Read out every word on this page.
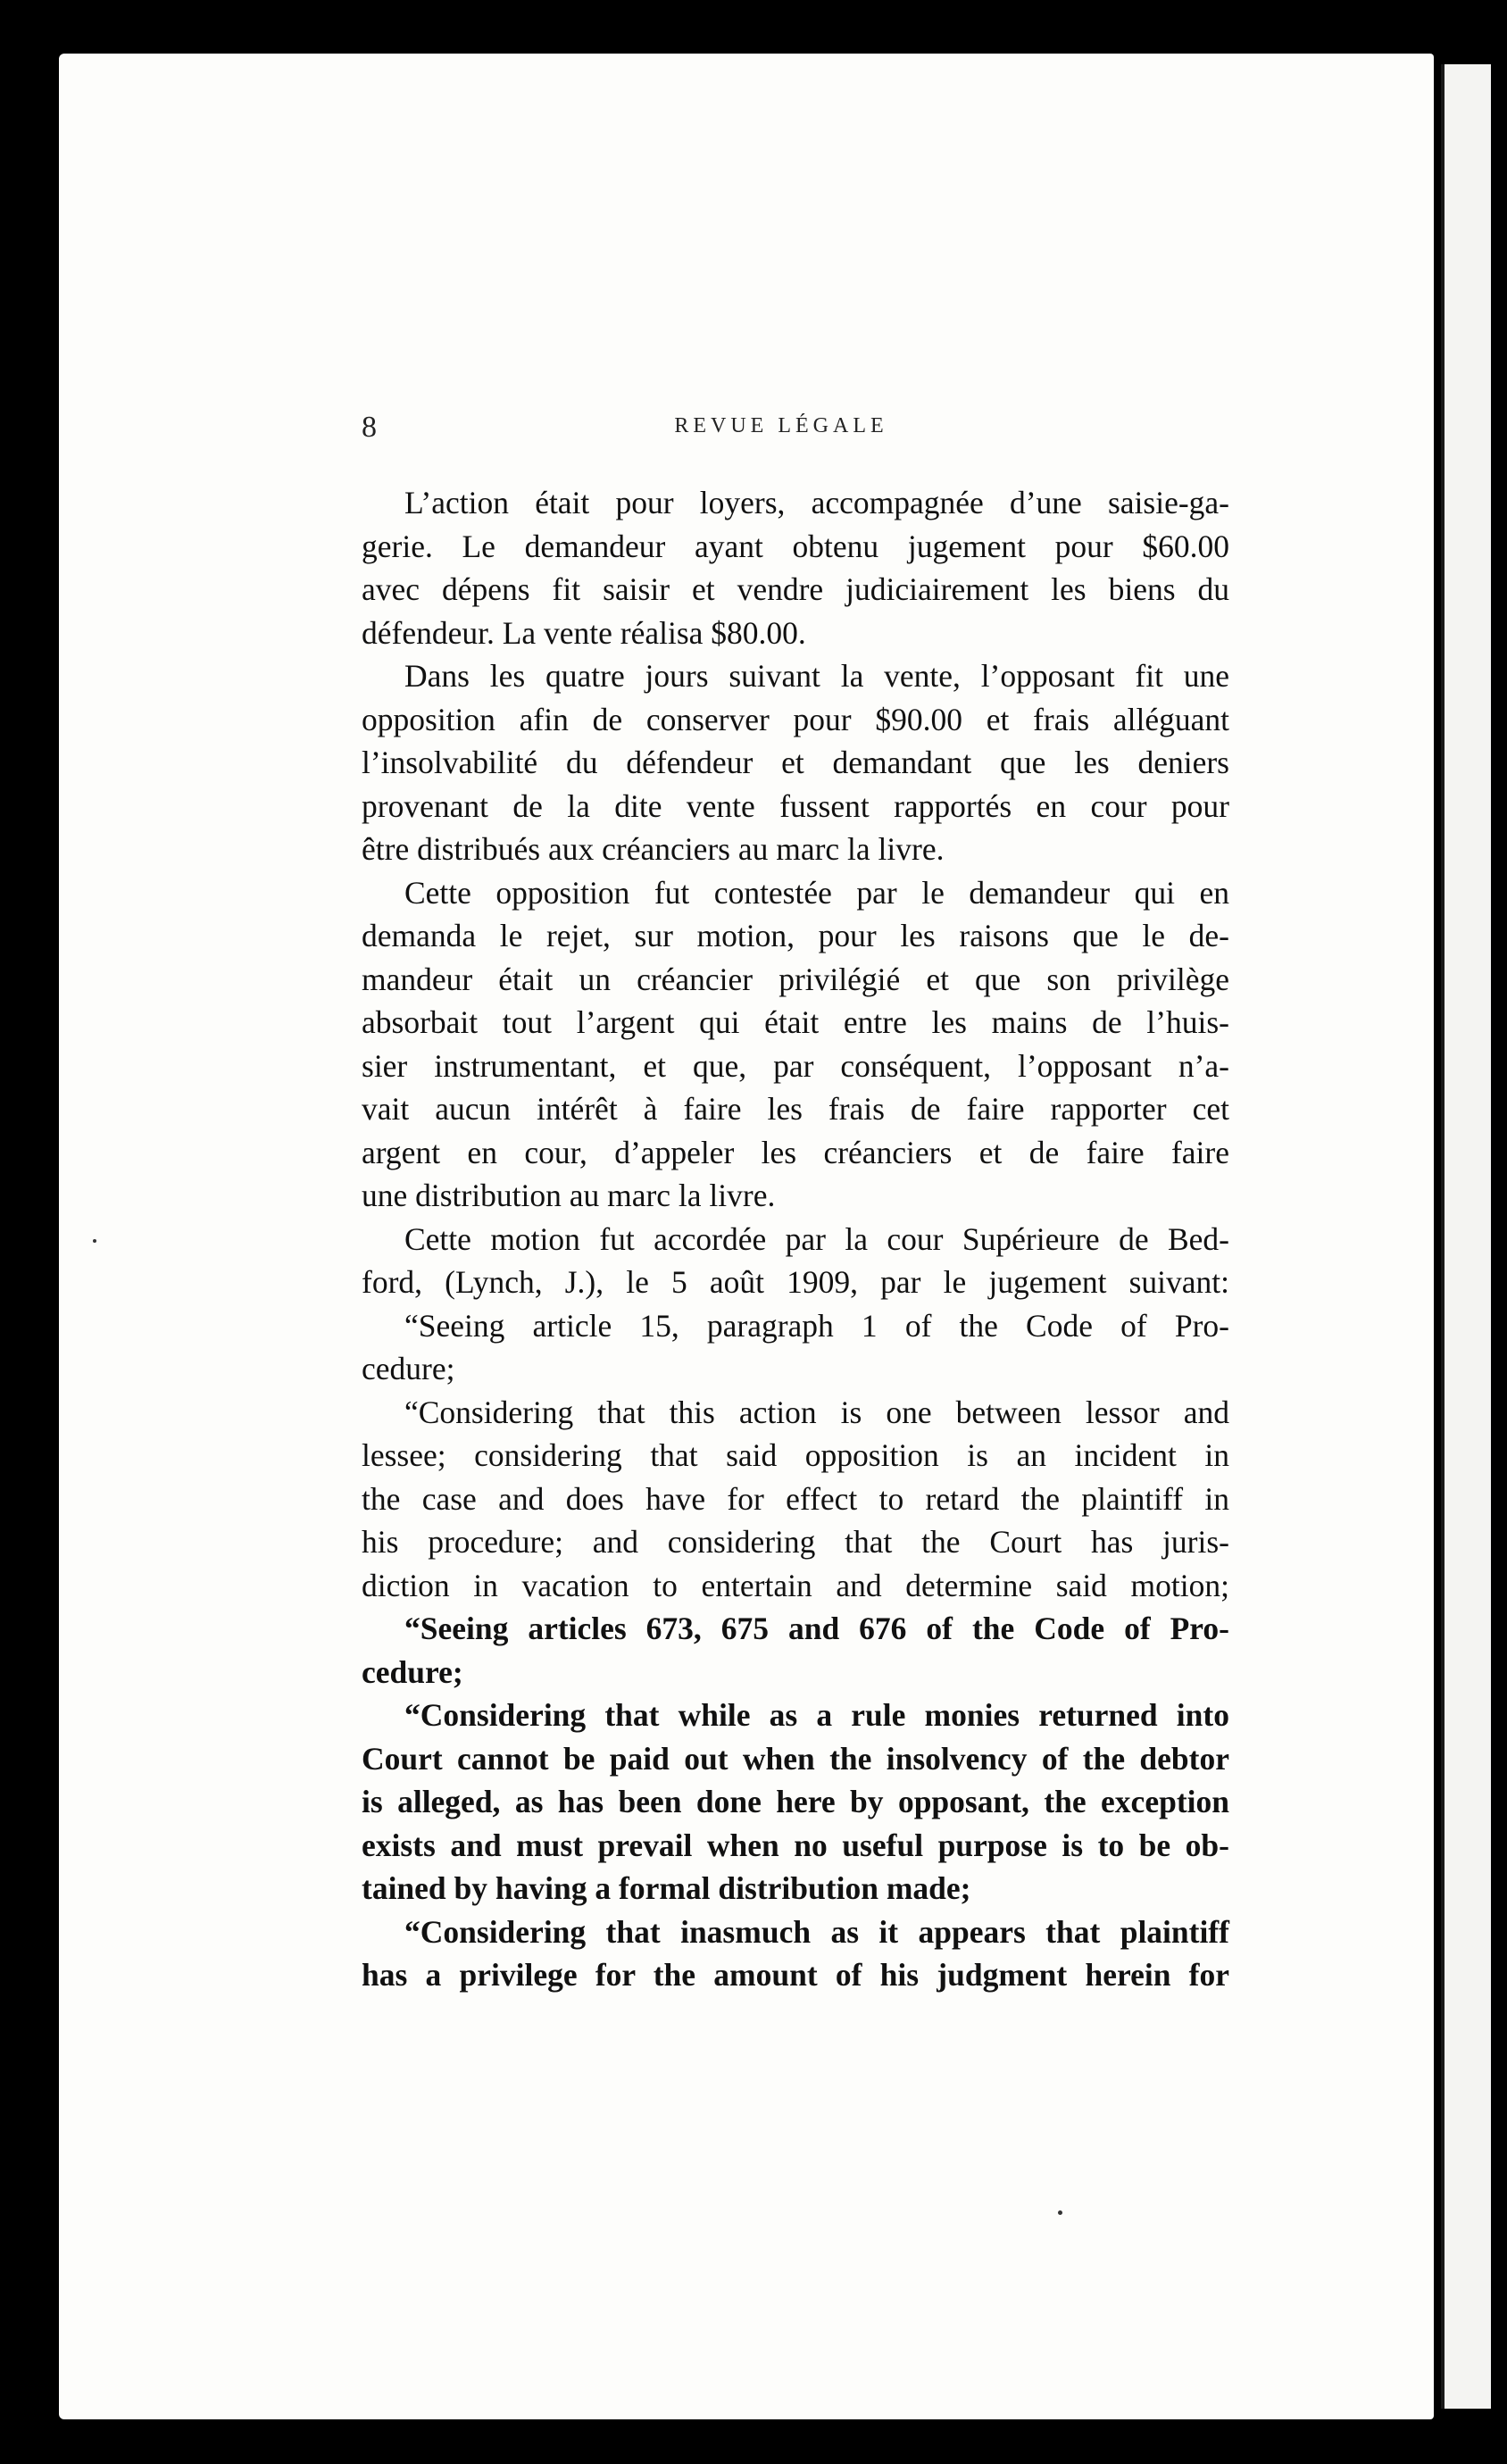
8	REVUE LÉGALE
L’action était pour loyers, accompagnée d’une saisie-ga-
gerie. Le demandeur ayant obtenu jugement pour $60.00
avec dépens fit saisir et vendre judiciairement les biens du
défendeur. La vente réalisa $80.00.
Dans les quatre jours suivant la vente, l’opposant fit une
opposition afin de conserver pour $90.00 et frais alléguant
l’insolvabilité du défendeur et demandant que les deniers
provenant de la dite vente fussent rapportés en cour pour
être distribués aux créanciers au marc la livre.
Cette opposition fut contestée par le demandeur qui en
demanda le rejet, sur motion, pour les raisons que le de-
mandeur était un créancier privilégié et que son privilège
absorbait tout l’argent qui était entre les mains de l’huis-
sier instrumentant, et que, par conséquent, l’opposant n’a-
vait aucun intérêt à faire les frais de faire rapporter cet
argent en cour, d’appeler les créanciers et de faire faire
une distribution au marc la livre.
Cette motion fut accordée par la cour Supérieure de Bed-
ford, (Lynch, J.), le 5 août 1909, par le jugement suivant:
“Seeing article 15, paragraph 1 of the Code of Pro-
cedure;
“Considering that this action is one between lessor and
lessee; considering that said opposition is an incident in
the case and does have for effect to retard the plaintiff in
his procedure; and considering that the Court has juris-
diction in vacation to entertain and determine said motion;
“Seeing articles 673, 675 and 676 of the Code of Pro-
cedure;
“Considering that while as a rule monies returned into
Court cannot be paid out when the insolvency of the debtor
is alleged, as has been done here by opposant, the exception
exists and must prevail when no useful purpose is to be ob-
tained by having a formal distribution made;
“Considering that inasmuch as it appears that plaintiff
has a privilege for the amount of his judgment herein for
